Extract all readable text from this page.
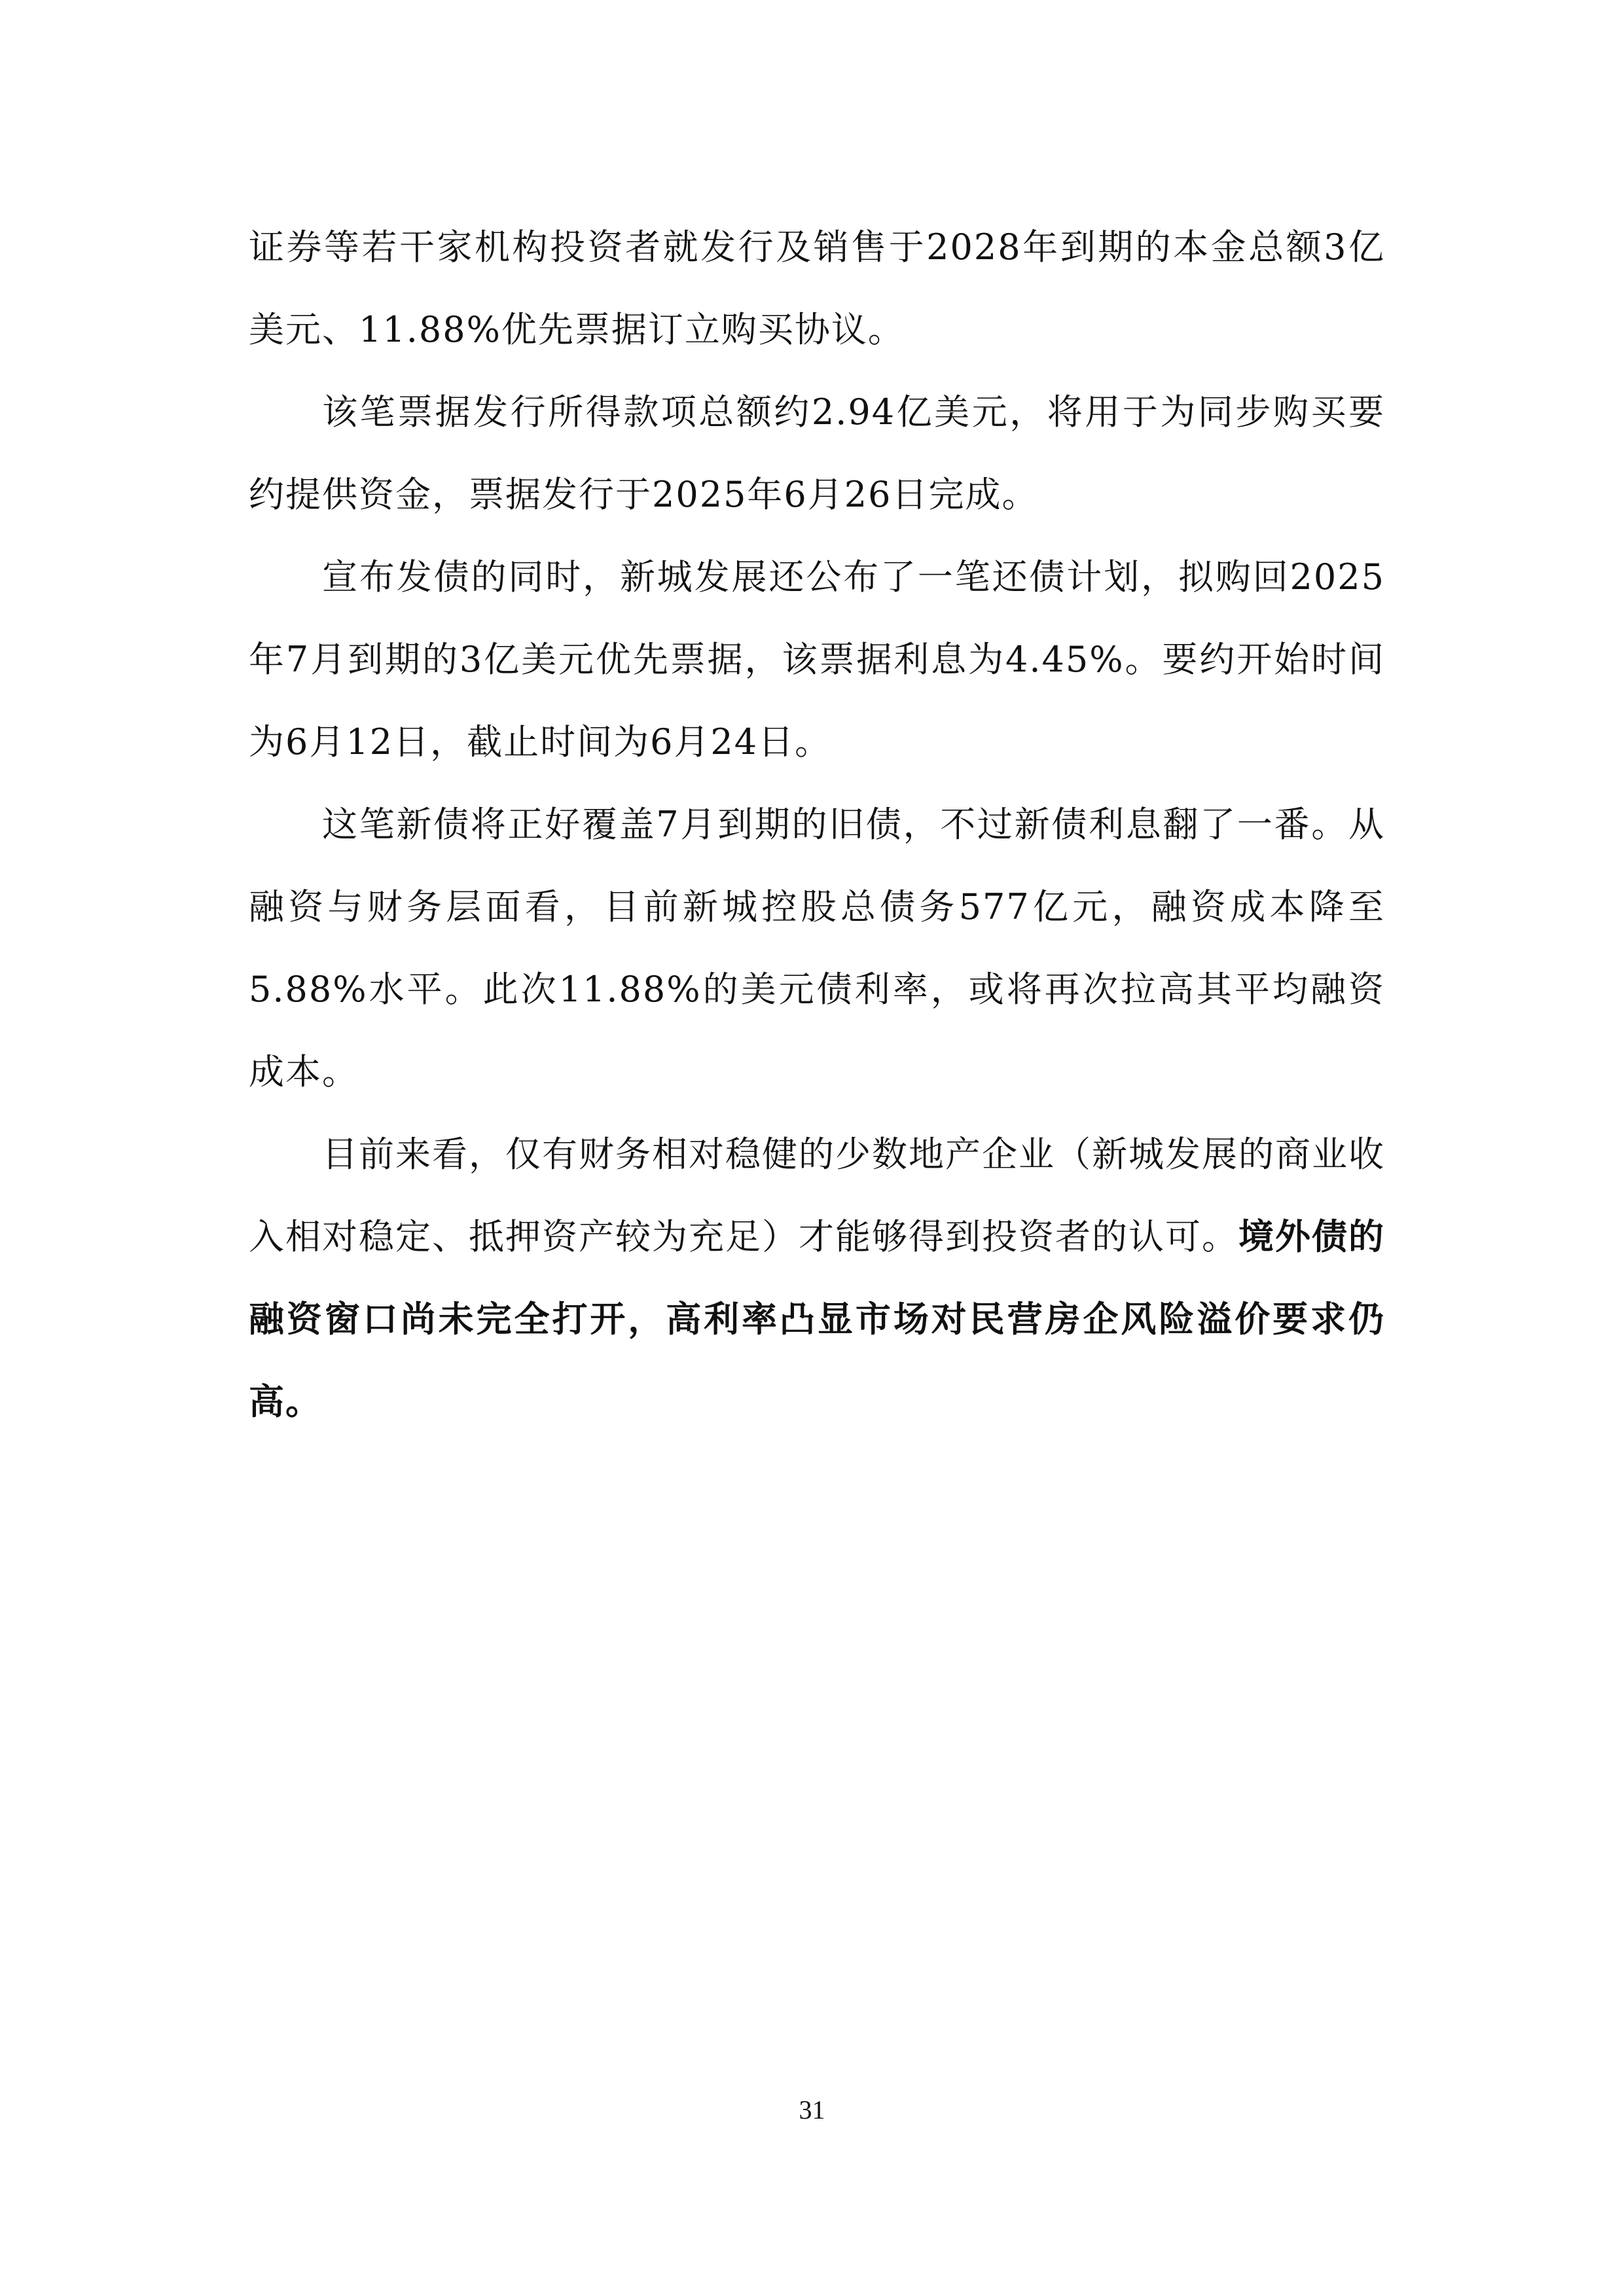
证券等若干家机构投资者就发行及销售于2028年到期的本金总额3亿美元、11.88%优先票据订立购买协议。

该笔票据发行所得款项总额约2.94亿美元，将用于为同步购买要约提供资金，票据发行于2025年6月26日完成。

宣布发债的同时，新城发展还公布了一笔还债计划，拟购回2025年7月到期的3亿美元优先票据，该票据利息为4.45%。要约开始时间为6月12日，截止时间为6月24日。

这笔新债将正好覆盖7月到期的旧债，不过新债利息翻了一番。从融资与财务层面看，目前新城控股总债务577亿元，融资成本降至5.88%水平。此次11.88%的美元债利率，或将再次拉高其平均融资成本。

目前来看，仅有财务相对稳健的少数地产企业（新城发展的商业收入相对稳定、抵押资产较为充足）才能够得到投资者的认可。境外债的融资窗口尚未完全打开，高利率凸显市场对民营房企风险溢价要求仍高。

31
